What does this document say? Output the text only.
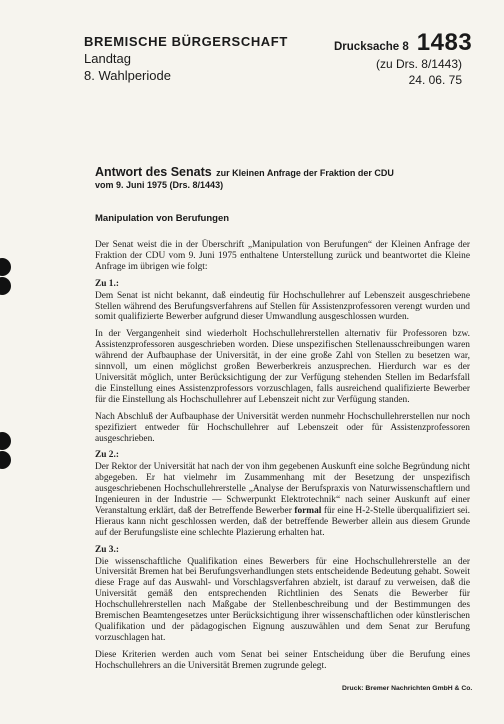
BREMISCHE BÜRGERSCHAFT
Landtag
8. Wahlperiode
Drucksache 8 1483
(zu Drs. 8/1443)
24. 06. 75
Antwort des Senats zur Kleinen Anfrage der Fraktion der CDU
vom 9. Juni 1975 (Drs. 8/1443)
Manipulation von Berufungen

Der Senat weist die in der Überschrift „Manipulation von Berufungen“ der Kleinen Anfrage der Fraktion der CDU vom 9. Juni 1975 enthaltene Unterstellung zurück und beantwortet die Kleine Anfrage im übrigen wie folgt:

Zu 1.:

Dem Senat ist nicht bekannt, daß eindeutig für Hochschullehrer auf Lebenszeit ausgeschriebene Stellen während des Berufungsverfahrens auf Stellen für Assistenzprofessoren verengt wurden und somit qualifizierte Bewerber aufgrund dieser Umwandlung ausgeschlossen wurden.

In der Vergangenheit sind wiederholt Hochschullehrerstellen alternativ für Professoren bzw. Assistenzprofessoren ausgeschrieben worden. Diese unspezifischen Stellenausschreibungen waren während der Aufbauphase der Universität, in der eine große Zahl von Stellen zu besetzen war, sinnvoll, um einen möglichst großen Bewerberkreis anzusprechen. Hierdurch war es der Universität möglich, unter Berücksichtigung der zur Verfügung stehenden Stellen im Bedarfsfall die Einstellung eines Assistenzprofessors vorzuschlagen, falls ausreichend qualifizierte Bewerber für die Einstellung als Hochschullehrer auf Lebenszeit nicht zur Verfügung standen.

Nach Abschluß der Aufbauphase der Universität werden nunmehr Hochschullehrerstellen nur noch spezifiziert entweder für Hochschullehrer auf Lebenszeit oder für Assistenzprofessoren ausgeschrieben.

Zu 2.:

Der Rektor der Universität hat nach der von ihm gegebenen Auskunft eine solche Begründung nicht abgegeben. Er hat vielmehr im Zusammenhang mit der Besetzung der unspezifisch ausgeschriebenen Hochschullehrerstelle „Analyse der Berufspraxis von Naturwissenschaftlern und Ingenieuren in der Industrie — Schwerpunkt Elektrotechnik“ nach seiner Auskunft auf einer Veranstaltung erklärt, daß der Betreffende Bewerber formal für eine H-2-Stelle überqualifiziert sei. Hieraus kann nicht geschlossen werden, daß der betreffende Bewerber allein aus diesem Grunde auf der Berufungsliste eine schlechte Plazierung erhalten hat.

Zu 3.:

Die wissenschaftliche Qualifikation eines Bewerbers für eine Hochschullehrerstelle an der Universität Bremen hat bei Berufungsverhandlungen stets entscheidende Bedeutung gehabt. Soweit diese Frage auf das Auswahl- und Vorschlagsverfahren abzielt, ist darauf zu verweisen, daß die Universität gemäß den entsprechenden Richtlinien des Senats die Bewerber für Hochschullehrerstellen nach Maßgabe der Stellenbeschreibung und der Bestimmungen des Bremischen Beamtengesetzes unter Berücksichtigung ihrer wissenschaftlichen oder künstlerischen Qualifikation und der pädagogischen Eignung auszuwählen und dem Senat zur Berufung vorzuschlagen hat.

Diese Kriterien werden auch vom Senat bei seiner Entscheidung über die Berufung eines Hochschullehrers an die Universität Bremen zugrunde gelegt.

Druck: Bremer Nachrichten GmbH & Co.
